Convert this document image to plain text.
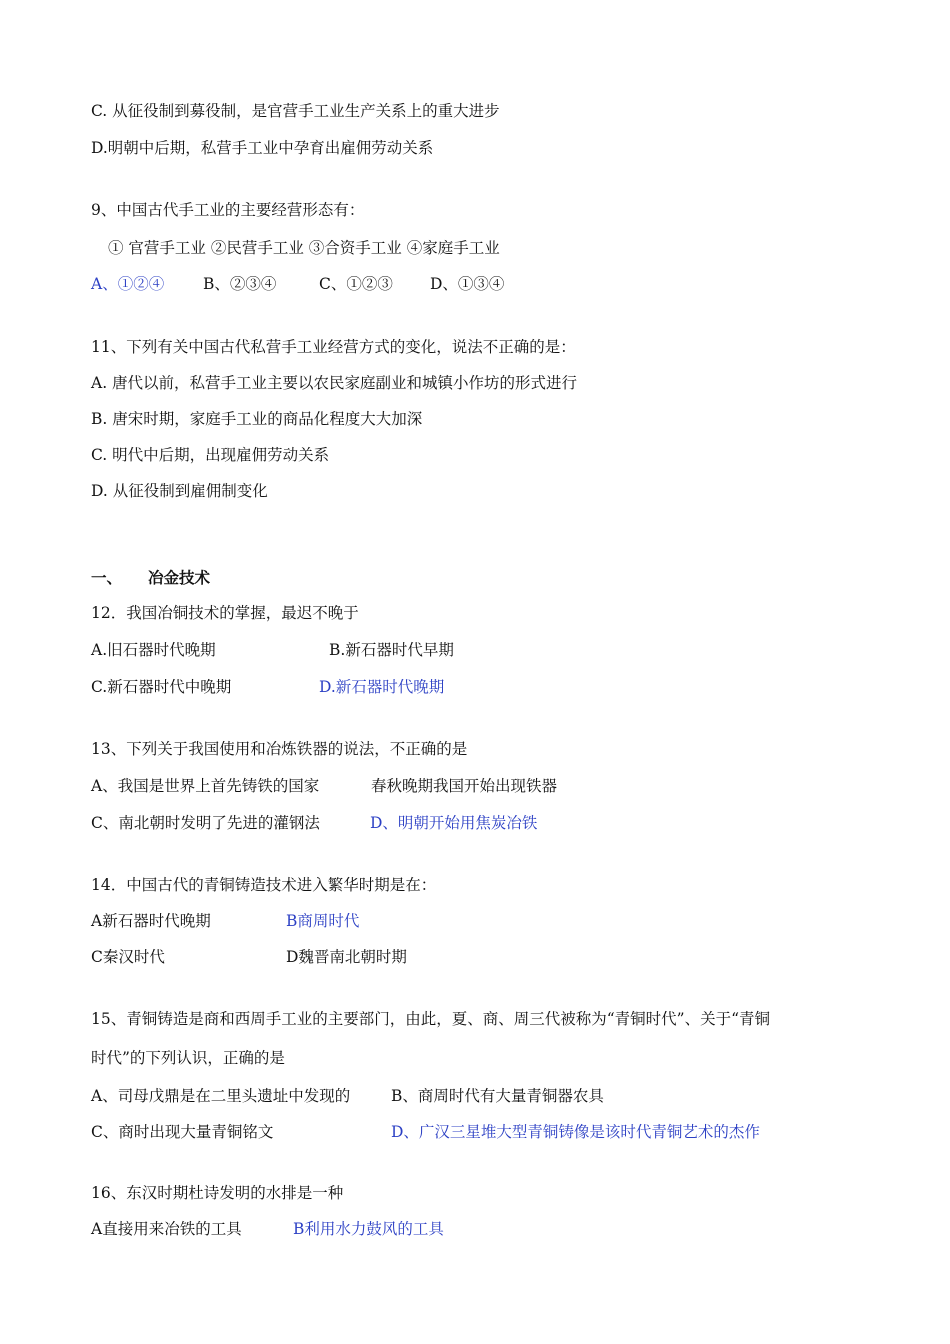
C. 从征役制到募役制，是官营手工业生产关系上的重大进步
D.明朝中后期，私营手工业中孕育出雇佣劳动关系
9、中国古代手工业的主要经营形态有：
① 官营手工业 ②民营手工业 ③合资手工业 ④家庭手工业
A、①②④	B、②③④	C、①②③ D、①③④
11、下列有关中国古代私营手工业经营方式的变化，说法不正确的是：
A. 唐代以前，私营手工业主要以农民家庭副业和城镇小作坊的形式进行
B. 唐宋时期，家庭手工业的商品化程度大大加深
C. 明代中后期，出现雇佣劳动关系
D. 从征役制到雇佣制变化
一、 冶金技术
12．我国冶铜技术的掌握，最迟不晚于
A.旧石器时代晚期	B.新石器时代早期
C.新石器时代中晚期	D.新石器时代晚期
13、下列关于我国使用和冶炼铁器的说法，不正确的是
A、我国是世界上首先铸铁的国家	春秋晚期我国开始出现铁器
C、南北朝时发明了先进的灌钢法	D、明朝开始用焦炭冶铁
14．中国古代的青铜铸造技术进入繁华时期是在：
A新石器时代晚期	B商周时代
C秦汉时代	D魏晋南北朝时期
15、青铜铸造是商和西周手工业的主要部门，由此，夏、商、周三代被称为“青铜时代”、关于“青铜
时代”的下列认识，正确的是
A、司母戊鼎是在二里头遗址中发现的	B、商周时代有大量青铜器农具
C、商时出现大量青铜铭文	D、广汉三星堆大型青铜铸像是该时代青铜艺术的杰作
16、东汉时期杜诗发明的水排是一种
A直接用来冶铁的工具	B利用水力鼓风的工具
